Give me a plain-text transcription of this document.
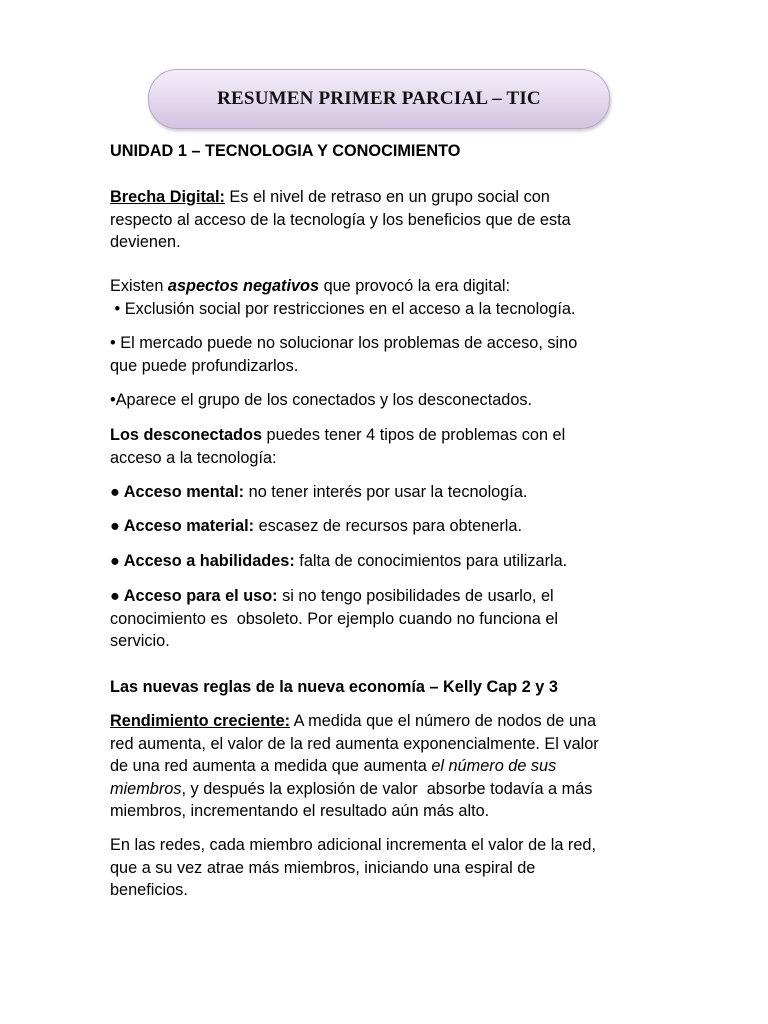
RESUMEN PRIMER PARCIAL – TIC

UNIDAD 1 – TECNOLOGIA Y CONOCIMIENTO

Brecha Digital: Es el nivel de retraso en un grupo social con

respecto al acceso de la tecnología y los beneficios que de esta

devienen.

Existen aspectos negativos que provocó la era digital:

• Exclusión social por restricciones en el acceso a la tecnología.

• El mercado puede no solucionar los problemas de acceso, sino

que puede profundizarlos.

•Aparece el grupo de los conectados y los desconectados.

Los desconectados puedes tener 4 tipos de problemas con el

acceso a la tecnología:

● Acceso mental: no tener interés por usar la tecnología.

● Acceso material: escasez de recursos para obtenerla.

● Acceso a habilidades: falta de conocimientos para utilizarla.

● Acceso para el uso: si no tengo posibilidades de usarlo, el

conocimiento es  obsoleto. Por ejemplo cuando no funciona el

servicio.

Las nuevas reglas de la nueva economía – Kelly Cap 2 y 3

Rendimiento creciente: A medida que el número de nodos de una

red aumenta, el valor de la red aumenta exponencialmente. El valor

de una red aumenta a medida que aumenta el número de sus

miembros, y después la explosión de valor  absorbe todavía a más

miembros, incrementando el resultado aún más alto.

En las redes, cada miembro adicional incrementa el valor de la red,

que a su vez atrae más miembros, iniciando una espiral de

beneficios.
